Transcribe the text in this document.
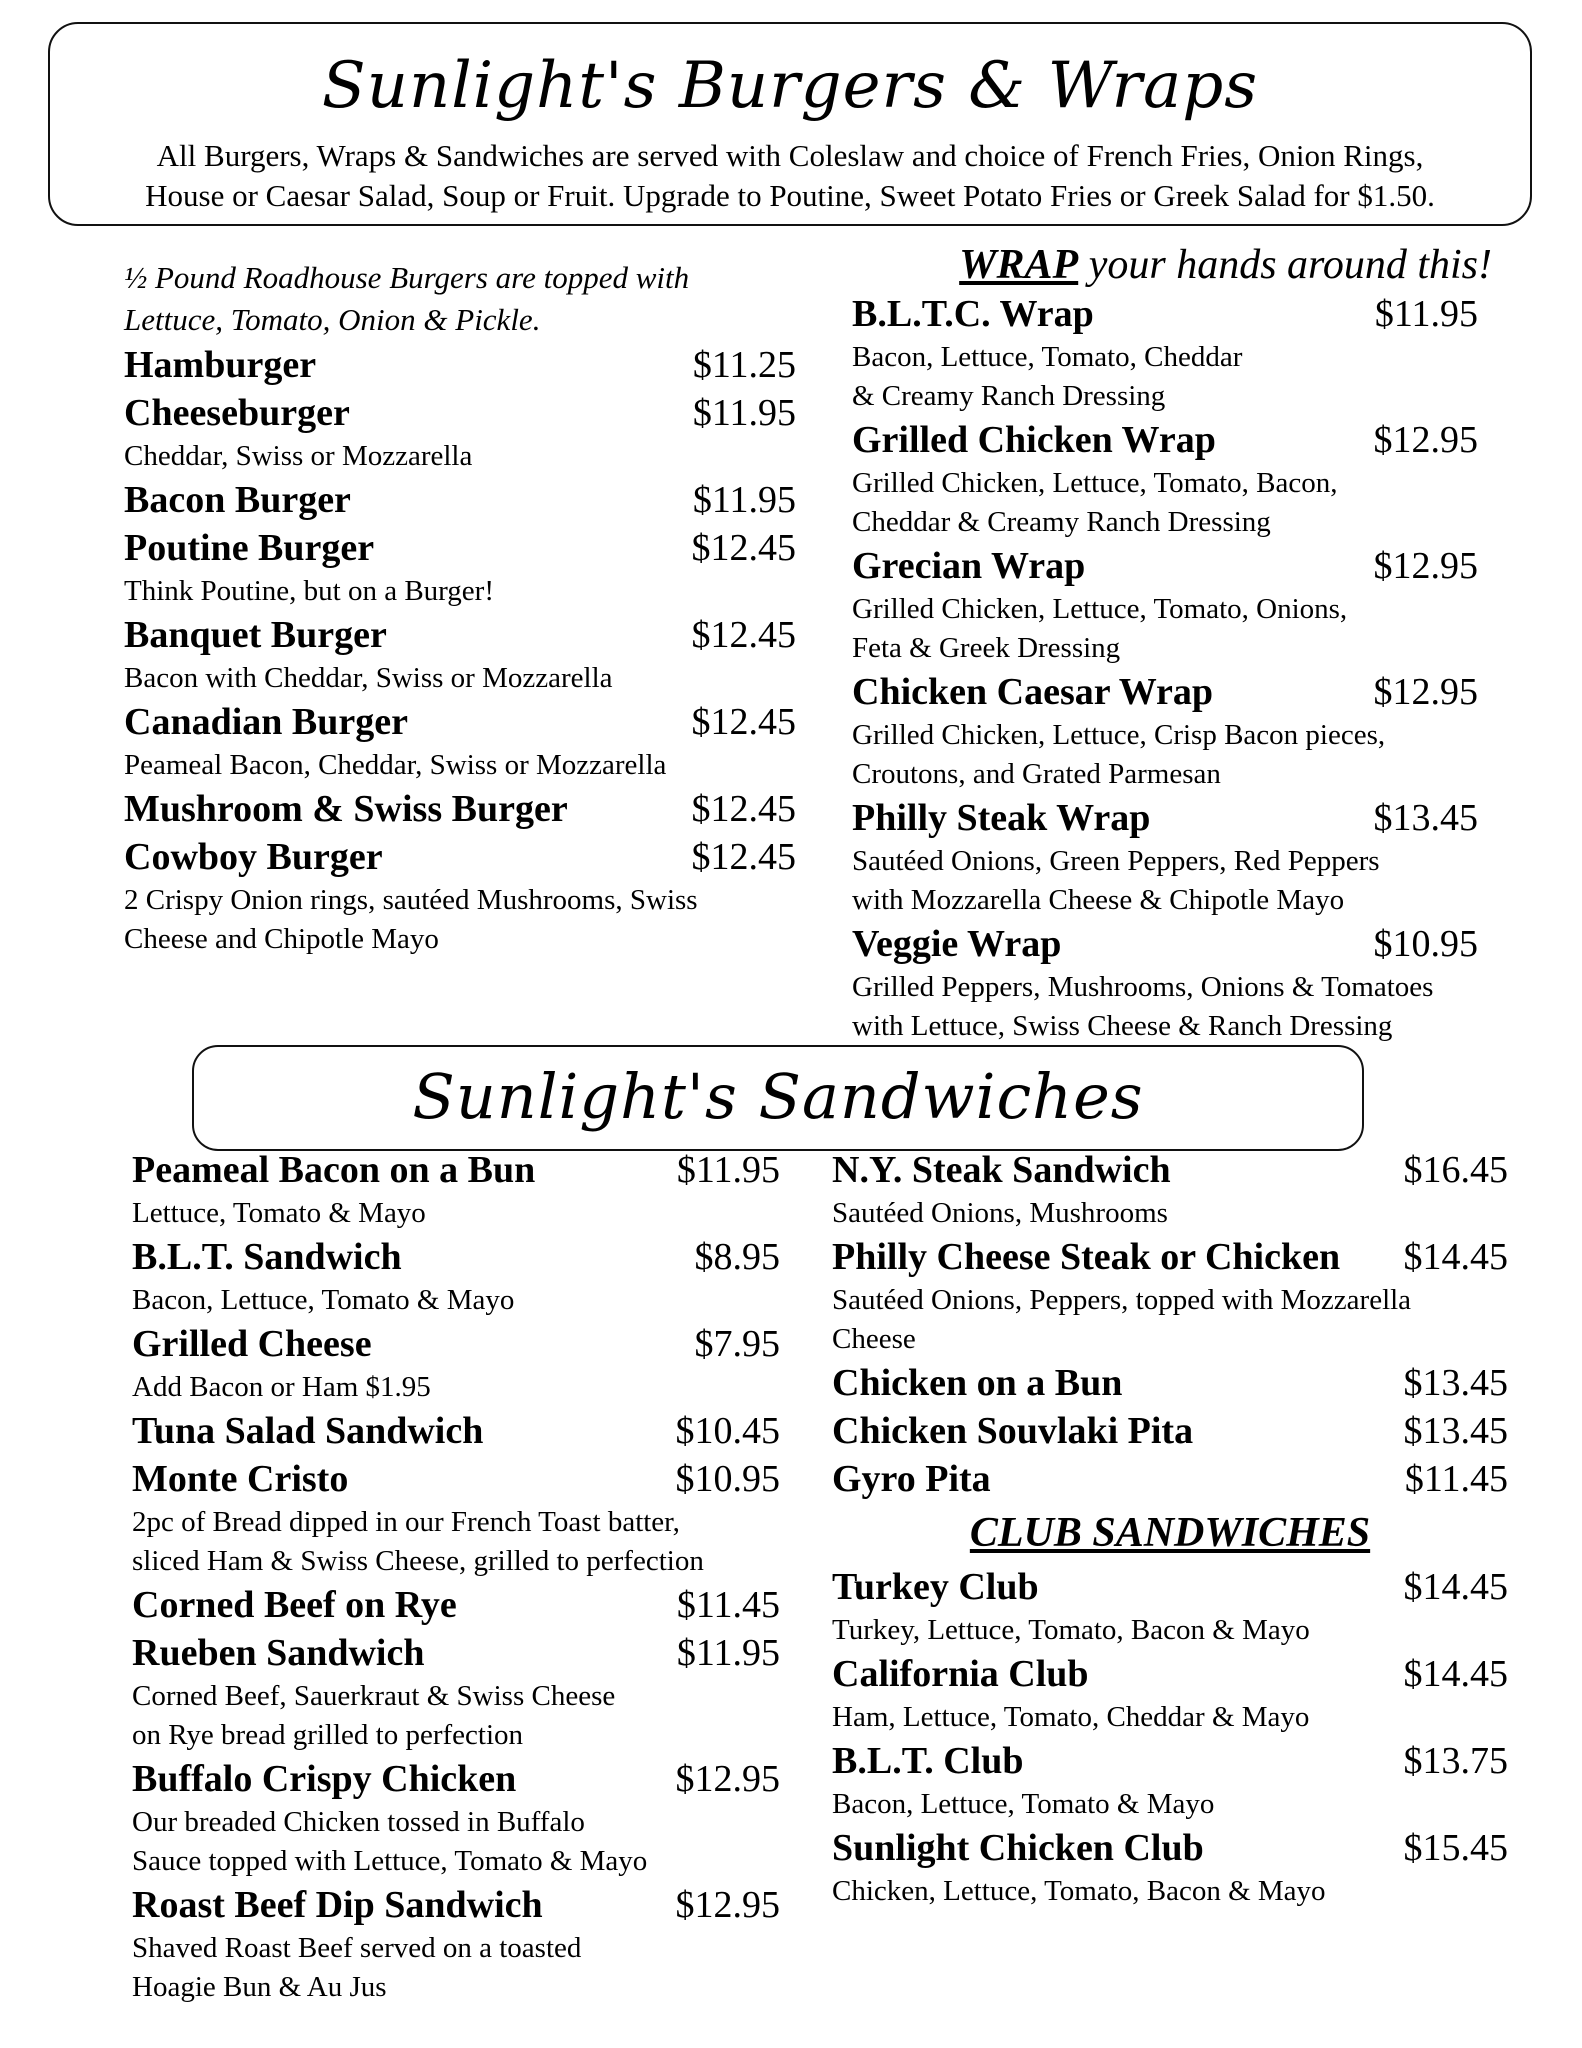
Sunlight's Burgers & Wraps
All Burgers, Wraps & Sandwiches are served with Coleslaw and choice of French Fries, Onion Rings,
House or Caesar Salad, Soup or Fruit. Upgrade to Poutine, Sweet Potato Fries or Greek Salad for $1.50.
½ Pound Roadhouse Burgers are topped with
Lettuce, Tomato, Onion & Pickle.
Hamburger	$11.25
Cheeseburger	$11.95
Cheddar, Swiss or Mozzarella
Bacon Burger	$11.95
Poutine Burger	$12.45
Think Poutine, but on a Burger!
Banquet Burger	$12.45
Bacon with Cheddar, Swiss or Mozzarella
Canadian Burger	$12.45
Peameal Bacon, Cheddar, Swiss or Mozzarella
Mushroom & Swiss Burger	$12.45
Cowboy Burger	$12.45
2 Crispy Onion rings, sautéed Mushrooms, Swiss
Cheese and Chipotle Mayo
WRAP your hands around this!
B.L.T.C. Wrap	$11.95
Bacon, Lettuce, Tomato, Cheddar
& Creamy Ranch Dressing
Grilled Chicken Wrap	$12.95
Grilled Chicken, Lettuce, Tomato, Bacon,
Cheddar & Creamy Ranch Dressing
Grecian Wrap	$12.95
Grilled Chicken, Lettuce, Tomato, Onions,
Feta & Greek Dressing
Chicken Caesar Wrap	$12.95
Grilled Chicken, Lettuce, Crisp Bacon pieces,
Croutons, and Grated Parmesan
Philly Steak Wrap	$13.45
Sautéed Onions, Green Peppers, Red Peppers
with Mozzarella Cheese & Chipotle Mayo
Veggie Wrap	$10.95
Grilled Peppers, Mushrooms, Onions & Tomatoes
with Lettuce, Swiss Cheese & Ranch Dressing
Sunlight's Sandwiches
Peameal Bacon on a Bun	$11.95
Lettuce, Tomato & Mayo
B.L.T. Sandwich	$8.95
Bacon, Lettuce, Tomato & Mayo
Grilled Cheese	$7.95
Add Bacon or Ham $1.95
Tuna Salad Sandwich	$10.45
Monte Cristo	$10.95
2pc of Bread dipped in our French Toast batter,
sliced Ham & Swiss Cheese, grilled to perfection
Corned Beef on Rye	$11.45
Rueben Sandwich	$11.95
Corned Beef, Sauerkraut & Swiss Cheese
on Rye bread grilled to perfection
Buffalo Crispy Chicken	$12.95
Our breaded Chicken tossed in Buffalo
Sauce topped with Lettuce, Tomato & Mayo
Roast Beef Dip Sandwich	$12.95
Shaved Roast Beef served on a toasted
Hoagie Bun & Au Jus
N.Y. Steak Sandwich	$16.45
Sautéed Onions, Mushrooms
Philly Cheese Steak or Chicken $14.45
Sautéed Onions, Peppers, topped with Mozzarella
Cheese
Chicken on a Bun	$13.45
Chicken Souvlaki Pita	$13.45
Gyro Pita	$11.45
CLUB SANDWICHES
Turkey Club	$14.45
Turkey, Lettuce, Tomato, Bacon & Mayo
California Club	$14.45
Ham, Lettuce, Tomato, Cheddar & Mayo
B.L.T. Club	$13.75
Bacon, Lettuce, Tomato & Mayo
Sunlight Chicken Club	$15.45
Chicken, Lettuce, Tomato, Bacon & Mayo
